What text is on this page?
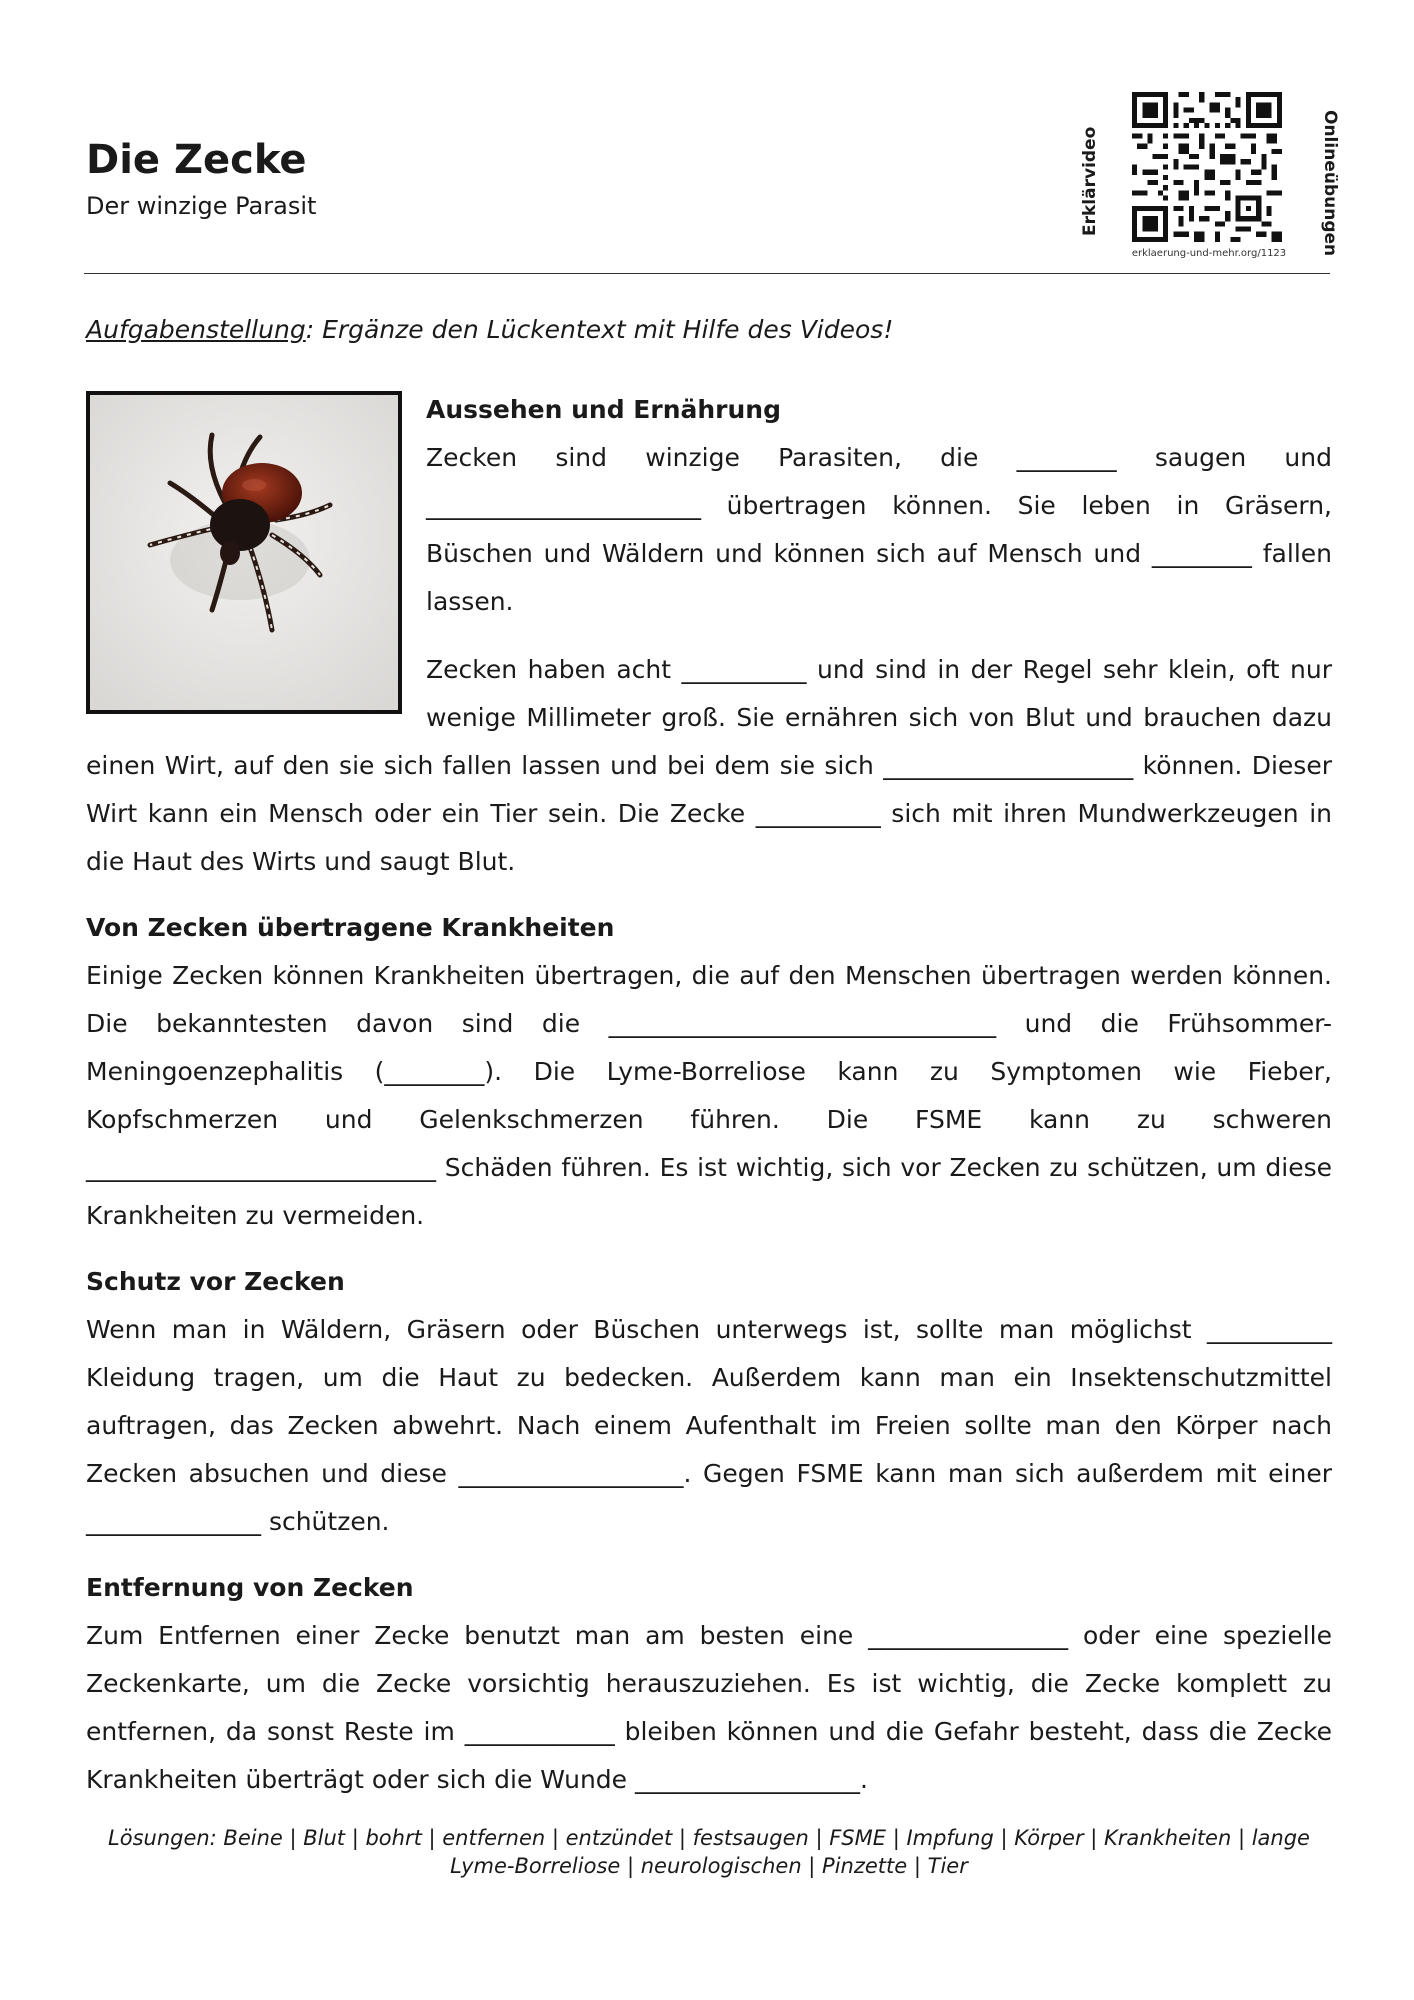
Die Zecke
Der winzige Parasit	Erklärvideo	Onlineübungen
erklaerung-und-mehr.org/1123
Aufgabenstellung: Ergänze den Lückentext mit Hilfe des Videos!
Aussehen und Ernährung

Zecken sind winzige Parasiten, die ________ saugen und ______________________ übertragen können. Sie leben in Gräsern, Büschen und Wäldern und können sich auf Mensch und ________ fallen lassen.

Zecken haben acht __________ und sind in der Regel sehr klein, oft nur wenige Millimeter groß. Sie ernähren sich von Blut und brauchen dazu einen Wirt, auf den sie sich fallen lassen und bei dem sie sich ____________________ können. Dieser Wirt kann ein Mensch oder ein Tier sein. Die Zecke __________ sich mit ihren Mundwerkzeugen in die Haut des Wirts und saugt Blut.

Von Zecken übertragene Krankheiten

Einige Zecken können Krankheiten übertragen, die auf den Menschen übertragen werden können. Die bekanntesten davon sind die _______________________________ und die Frühsommer-Meningoenzephalitis (________). Die Lyme-Borreliose kann zu Symptomen wie Fieber, Kopfschmerzen und Gelenkschmerzen führen. Die FSME kann zu schweren ____________________________ Schäden führen. Es ist wichtig, sich vor Zecken zu schützen, um diese Krankheiten zu vermeiden.

Schutz vor Zecken

Wenn man in Wäldern, Gräsern oder Büschen unterwegs ist, sollte man möglichst __________ Kleidung tragen, um die Haut zu bedecken. Außerdem kann man ein Insektenschutzmittel auftragen, das Zecken abwehrt. Nach einem Aufenthalt im Freien sollte man den Körper nach Zecken absuchen und diese __________________. Gegen FSME kann man sich außerdem mit einer ______________ schützen.

Entfernung von Zecken

Zum Entfernen einer Zecke benutzt man am besten eine ________________ oder eine spezielle Zeckenkarte, um die Zecke vorsichtig herauszuziehen. Es ist wichtig, die Zecke komplett zu entfernen, da sonst Reste im ____________ bleiben können und die Gefahr besteht, dass die Zecke Krankheiten überträgt oder sich die Wunde __________________.

Lösungen: Beine | Blut | bohrt | entfernen | entzündet | festsaugen | FSME | Impfung | Körper | Krankheiten | lange Lyme-Borreliose | neurologischen | Pinzette | Tier
